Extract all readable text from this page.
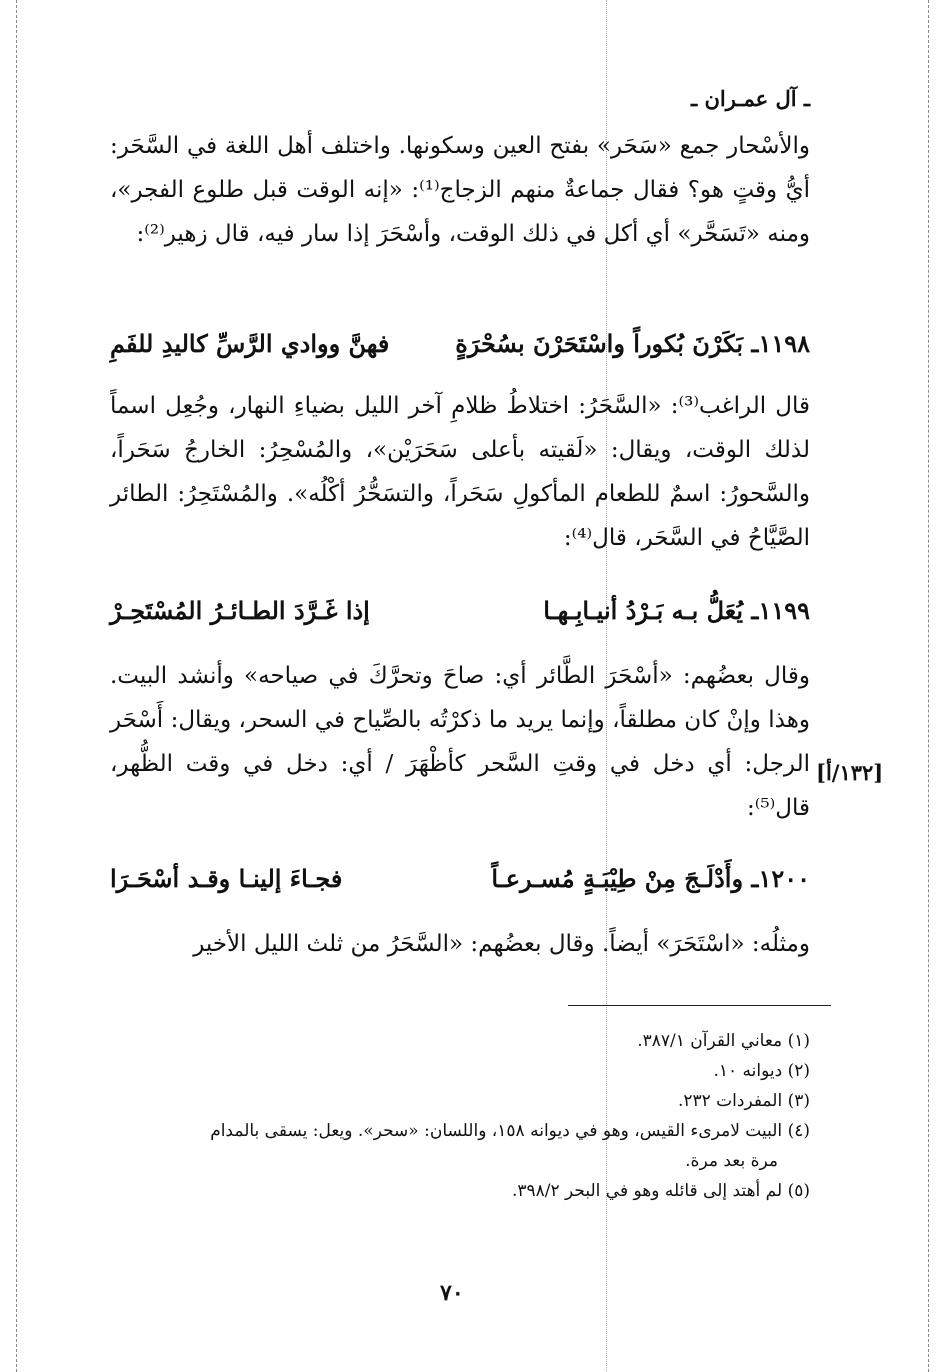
ـ آل عمـران ـ
والأسْحار جمع «سَحَر» بفتح العين وسكونها. واختلف أهل اللغة في السَّحَر: أيُّ وقتٍ هو؟ فقال جماعةٌ منهم الزجاج⁽¹⁾: «إنه الوقت قبل طلوع الفجر»، ومنه «تَسَحَّر» أي أكل في ذلك الوقت، وأسْحَرَ إذا سار فيه، قال زهير⁽²⁾:
١١٩٨ـ بَكَرْنَ بُكوراً واسْتَحَرْنَ بسُحْرَةٍ
فهنَّ ووادي الرَّسِّ كاليدِ للفَمِ
قال الراغب⁽³⁾: «السَّحَرُ: اختلاطُ ظلامِ آخر الليل بضياءِ النهار، وجُعِل اسماً لذلك الوقت، ويقال: «لَقيته بأعلى سَحَرَيْن»، والمُسْحِرُ: الخارجُ سَحَراً، والسَّحورُ: اسمٌ للطعام المأكولِ سَحَراً، والتسَحُّرُ أكْلُه». والمُسْتَحِرُ: الطائر الصَّيَّاحُ في السَّحَر، قال⁽⁴⁾:
١١٩٩ـ يُعَلُّ بـه بَـرْدُ أنيـابِـهـا
إذا غَـرَّدَ الطـائـرُ المُسْتَحِـرْ
وقال بعضُهم: «أسْحَرَ الطَّائر أي: صاحَ وتحرَّكَ في صياحه» وأنشد البيت. وهذا وإنْ كان مطلقاً، وإنما يريد ما ذكرْتُه بالصِّياح في السحر، ويقال: أَسْحَر الرجل: أي دخل في وقتِ السَّحر كأظْهَرَ / أي: دخل في وقت الظُّهر، قال⁽⁵⁾:
١٢٠٠ـ وأَدْلَـجَ مِنْ طِيْبَـةٍ مُسـرعـاً
فجـاءَ إلينـا وقـد أسْحَـرَا
ومثلُه: «اسْتَحَرَ» أيضاً. وقال بعضُهم: «السَّحَرُ من ثلث الليل الأخير
[١٣٢/أ]
(١) معاني القرآن ٣٨٧/١.
(٢) ديوانه ١٠.
(٣) المفردات ٢٣٢.
(٤) البيت لامرىء القيس، وهو في ديوانه ١٥٨، واللسان: «سحر». ويعل: يسقى بالمدام
مرة بعد مرة.
(٥) لم أهتد إلى قائله وهو في البحر ٣٩٨/٢.
٧٠
